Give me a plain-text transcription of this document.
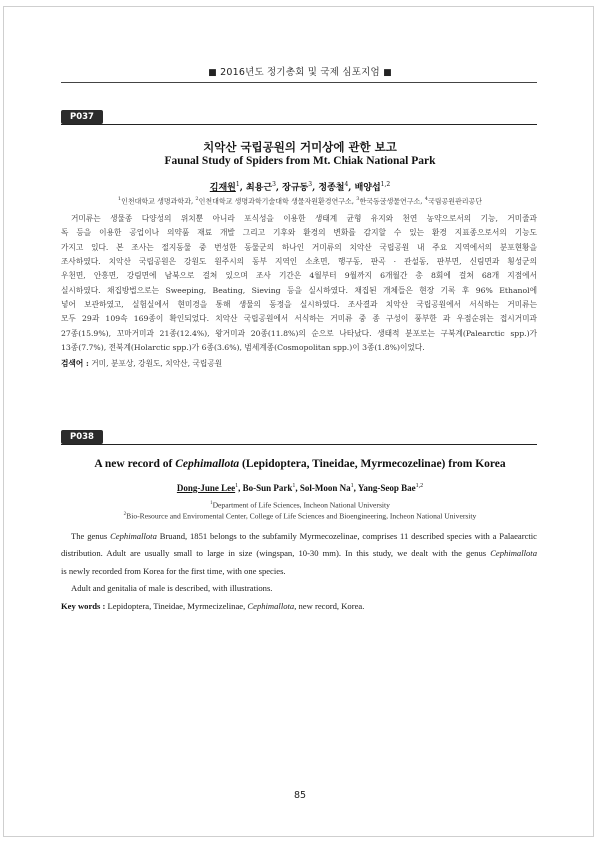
■ 2016년도 정기총회 및 국제 심포지엄 ■
P037
치악산 국립공원의 거미상에 관한 보고
Faunal Study of Spiders from Mt. Chiak National Park
김재원$^1$, 최용근$^3$, 장규동$^3$, 정종철$^4$, 배양섭$^{1,2}$
$^1$인천대학교 생명과학과, $^2$인천대학교 생명과학기술대학 생물자원환경연구소, $^3$한국동굴생물연구소, $^4$국립공원관리공단
거미류는 생물종 다양성의 위치뿐 아니라 포식성을 이용한 생태계 균형 유지와 천연 농약으로서의 기능, 거미줄과
독 등을 이용한 공업이나 의약품 재료 개발 그리고 기후와 환경의 변화를 감지할 수 있는 환경 지표종으로서의 기능도
가지고 있다. 본 조사는 절지동물 중 번성한 동물군의 하나인 거미류의 치악산 국립공원 내 주요 지역에서의 분포현황을
조사하였다. 치악산 국립공원은 강원도 원주시의 동부 지역인 소초면, 행구동, 판곡 · 관설동, 판부면, 신림면과 횡성군의
우천면, 안흥면, 강림면에 남북으로 걸쳐 있으며 조사 기간은 4월부터 9월까지 6개월간 총 8회에 걸쳐 68개 지점에서
실시하였다. 채집방법으로는 Sweeping, Beating, Sieving 등을 실시하였다. 채집된 개체들은 현장 기록 후 96% Ethanol에
넣어 보관하였고, 실험실에서 현미경을 통해 생물의 동정을 실시하였다. 조사결과 치악산 국립공원에서 서식하는 거미류는
모두 29과 109속 169종이 확인되었다. 치악산 국립공원에서 서식하는 거미류 중 종 구성이 풍부한 과 우점순위는 접시거미과
27종(15.9%), 꼬마거미과 21종(12.4%), 왕거미과 20종(11.8%)의 순으로 나타났다. 생태적 분포로는 구북계(Palearctic spp.)가
13종(7.7%), 전북계(Holarctic spp.)가 6종(3.6%), 범세계종(Cosmopolitan spp.)이 3종(1.8%)이었다.
검색어 : 거미, 분포상, 강원도, 치악산, 국립공원
P038
A new record of Cephimallota (Lepidoptera, Tineidae, Myrmecozelinae) from Korea
Dong-June Lee$^1$, Bo-Sun Park$^1$, Sol-Moon Na$^1$, Yang-Seop Bae$^{1,2}$
$^1$Department of Life Sciences, Incheon National University
$^2$Bio-Resource and Enviromental Center, College of Life Sciences and Bioengineering, Incheon National University
The genus Cephimallota Bruand, 1851 belongs to the subfamily Myrmecozelinae, comprises 11 described species with a Palaearctic
distribution. Adult are usually small to large in size (wingspan, 10-30 mm). In this study, we dealt with the genus Cephimallota
is newly recorded from Korea for the first time, with one species.
Adult and genitalia of male is described, with illustrations.
Key words : Lepidoptera, Tineidae, Myrmecizelinae, Cephimallota, new record, Korea.
85
